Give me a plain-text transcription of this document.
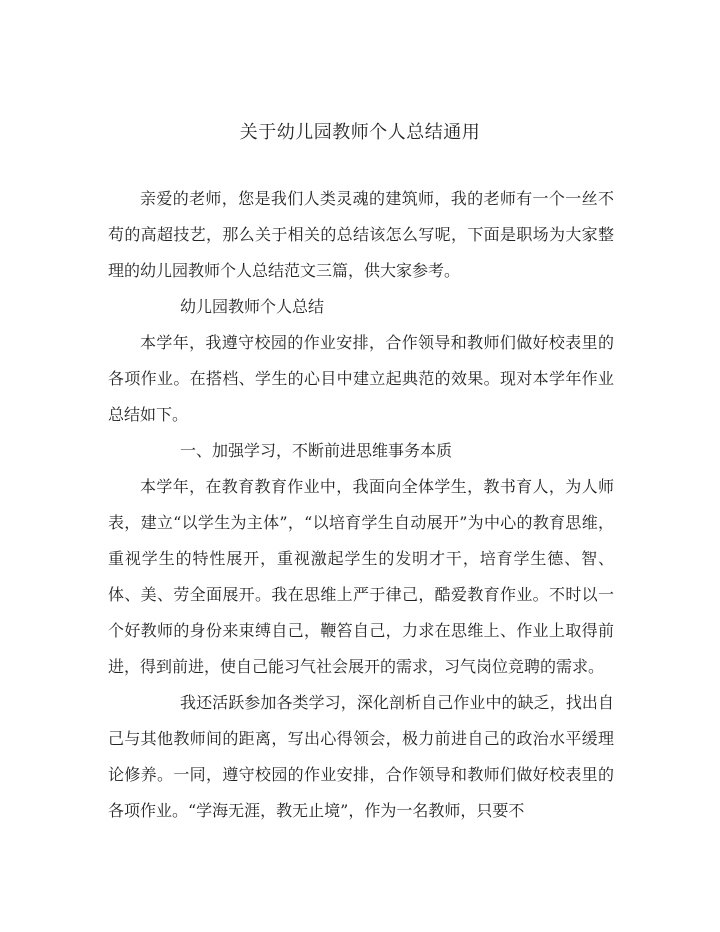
关于幼儿园教师个人总结通用

亲爱的老师，您是我们人类灵魂的建筑师，我的老师有一个一丝不苟的高超技艺，那么关于相关的总结该怎么写呢，下面是职场为大家整理的幼儿园教师个人总结范文三篇，供大家参考。

幼儿园教师个人总结

本学年，我遵守校园的作业安排，合作领导和教师们做好校表里的各项作业。在搭档、学生的心目中建立起典范的效果。现对本学年作业总结如下。

一、加强学习，不断前进思维事务本质

本学年，在教育教育作业中，我面向全体学生，教书育人，为人师表，建立“以学生为主体”，“以培育学生自动展开”为中心的教育思维，重视学生的特性展开，重视激起学生的发明才干，培育学生德、智、体、美、劳全面展开。我在思维上严于律己，酷爱教育作业。不时以一个好教师的身份来束缚自己，鞭笞自己，力求在思维上、作业上取得前进，得到前进，使自己能习气社会展开的需求，习气岗位竞聘的需求。

我还活跃参加各类学习，深化剖析自己作业中的缺乏，找出自己与其他教师间的距离，写出心得领会，极力前进自己的政治水平缓理论修养。一同，遵守校园的作业安排，合作领导和教师们做好校表里的各项作业。“学海无涯，教无止境”，作为一名教师，只要不
